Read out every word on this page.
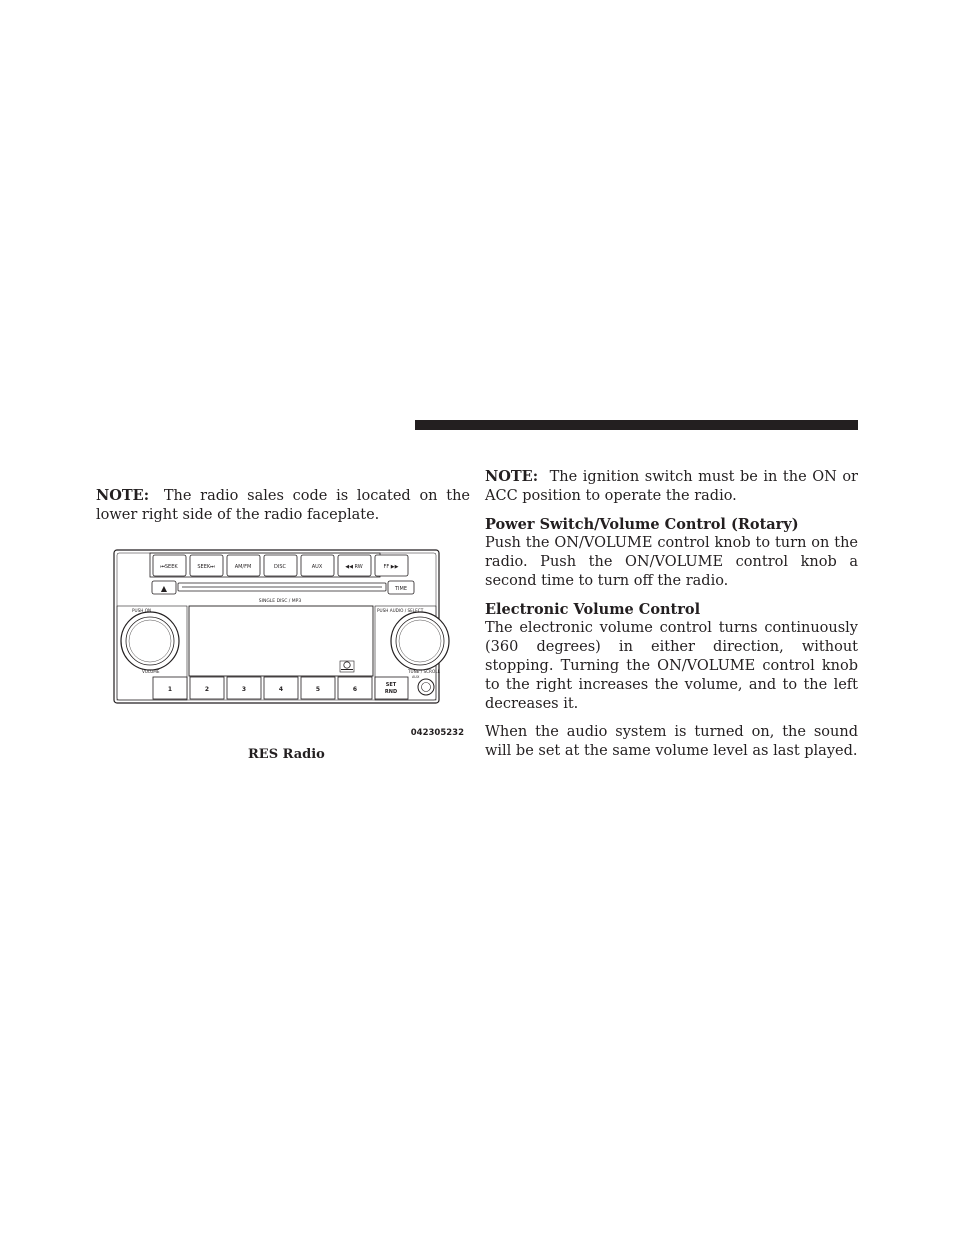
NOTE: The radio sales code is located on the lower right side of the radio faceplate.

⏮SEEK	SEEK⏭	AM/FM	DISC	AUX	◀◀ RW	FF ▶▶
▲	TIME
SINGLE DISC / MP3
PUSH ON
VOLUME
PUSH AUDIO / SELECT
TUNE / SCROLL
1	2	3	4	5	6
SET
RND
AUX
042305232
RES Radio

NOTE: The ignition switch must be in the ON or ACC position to operate the radio.

Power Switch/Volume Control (Rotary)
Push the ON/VOLUME control knob to turn on the radio. Push the ON/VOLUME control knob a second time to turn off the radio.

Electronic Volume Control
The electronic volume control turns continuously (360 degrees) in either direction, without stopping. Turning the ON/VOLUME control knob to the right increases the volume, and to the left decreases it.

When the audio system is turned on, the sound will be set at the same volume level as last played.
